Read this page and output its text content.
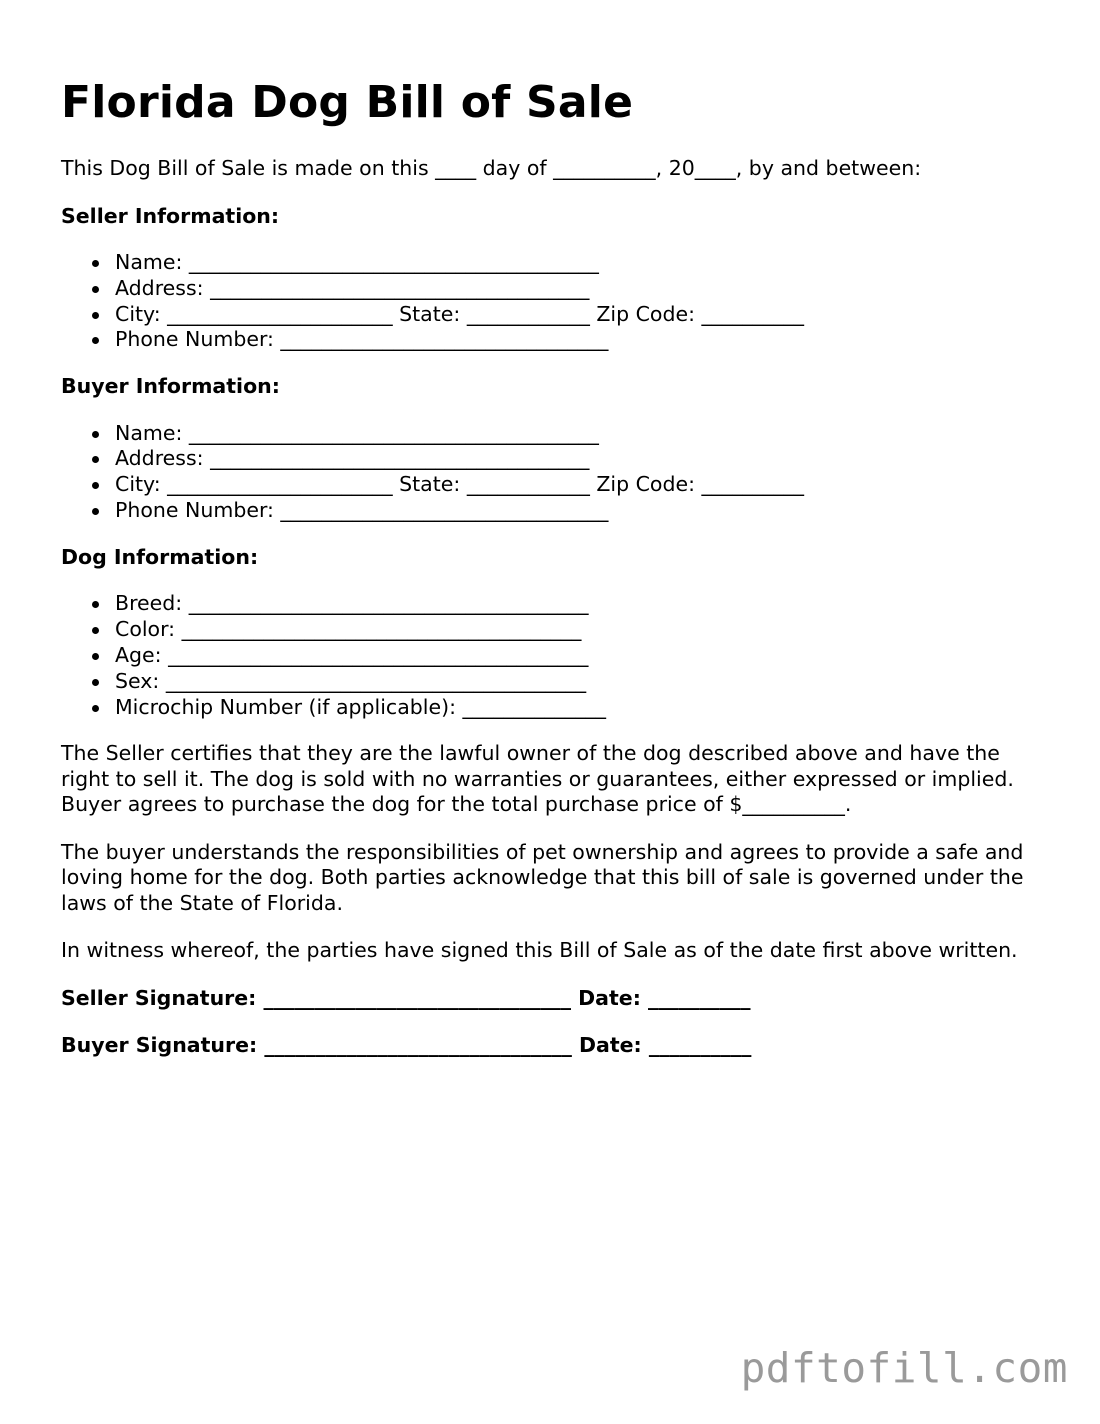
Florida Dog Bill of Sale

This Dog Bill of Sale is made on this ____ day of __________, 20____, by and between:

Seller Information:
Name: ________________________________________
Address: _____________________________________
City: ______________________ State: ____________ Zip Code: __________
Phone Number: ________________________________
Buyer Information:
Name: ________________________________________
Address: _____________________________________
City: ______________________ State: ____________ Zip Code: __________
Phone Number: ________________________________
Dog Information:
Breed: _______________________________________
Color: _______________________________________
Age: _________________________________________
Sex: _________________________________________
Microchip Number (if applicable): ______________

The Seller certifies that they are the lawful owner of the dog described above and have the right to sell it. The dog is sold with no warranties or guarantees, either expressed or implied. Buyer agrees to purchase the dog for the total purchase price of $__________.

The buyer understands the responsibilities of pet ownership and agrees to provide a safe and loving home for the dog. Both parties acknowledge that this bill of sale is governed under the laws of the State of Florida.

In witness whereof, the parties have signed this Bill of Sale as of the date first above written.

Seller Signature: ______________________________ Date: __________
Buyer Signature: ______________________________ Date: __________
pdftofill.com
